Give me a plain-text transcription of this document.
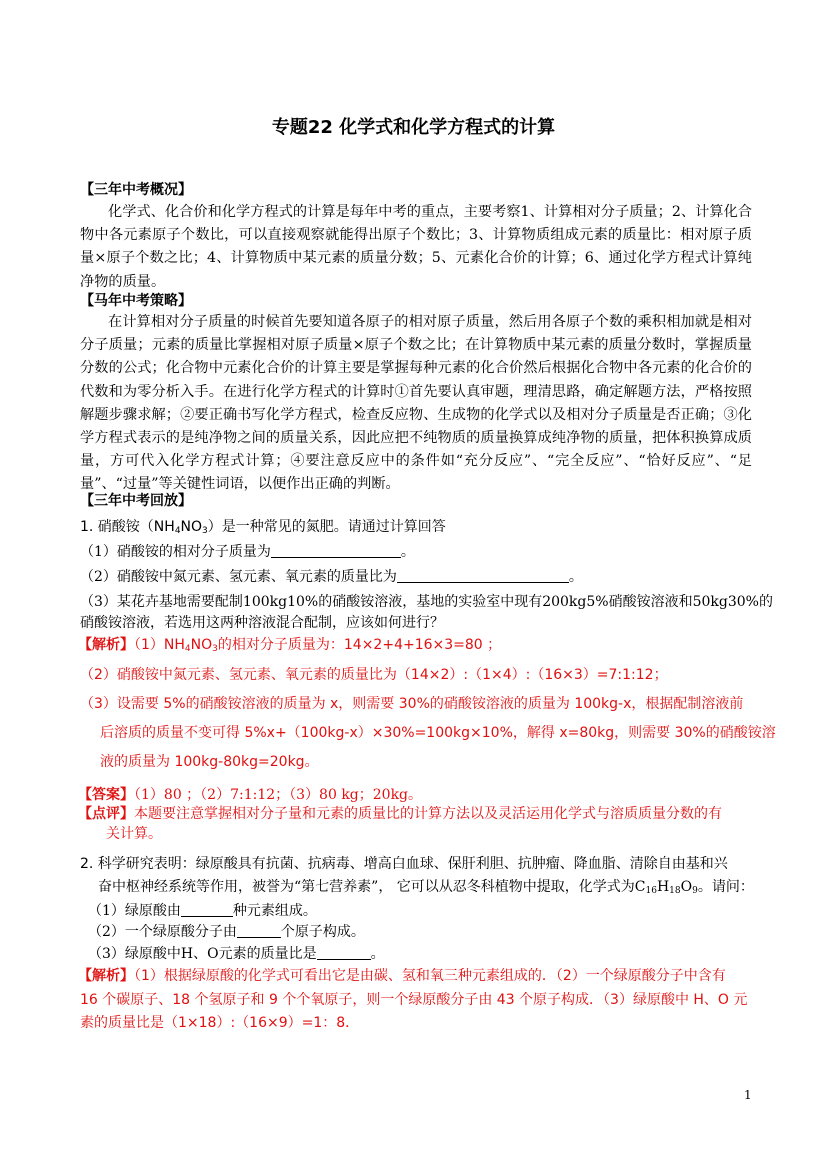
专题22 化学式和化学方程式的计算
【三年中考概况】
化学式、化合价和化学方程式的计算是每年中考的重点，主要考察1、计算相对分子质量；2、计算化合物中各元素原子个数比，可以直接观察就能得出原子个数比；3、计算物质组成元素的质量比：相对原子质量×原子个数之比；4、计算物质中某元素的质量分数；5、元素化合价的计算；6、通过化学方程式计算纯净物的质量。
【马年中考策略】
在计算相对分子质量的时候首先要知道各原子的相对原子质量，然后用各原子个数的乘积相加就是相对分子质量；元素的质量比掌握相对原子质量×原子个数之比；在计算物质中某元素的质量分数时，掌握质量分数的公式；化合物中元素化合价的计算主要是掌握每种元素的化合价然后根据化合物中各元素的化合价的代数和为零分析入手。在进行化学方程式的计算时①首先要认真审题，理清思路，确定解题方法，严格按照解题步骤求解；②要正确书写化学方程式，检查反应物、生成物的化学式以及相对分子质量是否正确；③化学方程式表示的是纯净物之间的质量关系，因此应把不纯物质的质量换算成纯净物的质量，把体积换算成质量，方可代入化学方程式计算；④要注意反应中的条件如“充分反应”、“完全反应”、“恰好反应”、“足量”、“过量”等关键性词语，以便作出正确的判断。
【三年中考回放】
1. 硝酸铵$(NH_4NO_3)$是一种常见的氮肥。请通过计算回答
（1）硝酸铵的相对分子质量为	。
（2）硝酸铵中氮元素、氢元素、氧元素的质量比为	。
（3）某花卉基地需要配制100kg10%的硝酸铵溶液，基地的实验室中现有200kg5%硝酸铵溶液和50kg30%的
硝酸铵溶液，若选用这两种溶液混合配制，应该如何进行？
【解析】$(1)NH_4NO_3$的相对分子质量为：14×2+4+16×3=80 ；
（2）硝酸铵中氮元素、氢元素、氧元素的质量比为（14×2）:（1×4）:（16×3）=7:1:12；
（3）设需要 5%的硝酸铵溶液的质量为 x，则需要 30%的硝酸铵溶液的质量为 100kg-x，根据配制溶液前
后溶质的质量不变可得 5%x+（100kg-x）×30%=100kg×10%，解得 x=80kg，则需要 30%的硝酸铵溶
液的质量为 100kg-80kg=20kg。
【答案】（1）80 ；（2）7:1:12；（3）80 kg；20kg。
【点评】本题要注意掌握相对分子量和元素的质量比的计算方法以及灵活运用化学式与溶质质量分数的有
关计算。
2. 科学研究表明：绿原酸具有抗菌、抗病毒、增高白血球、保肝利胆、抗肿瘤、降血脂、清除自由基和兴
奋中枢神经系统等作用，被誉为“第七营养素”， 它可以从忍冬科植物中提取，化学式为$C_{16}H_{18}O_9$。请问：
（1）绿原酸由	种元素组成。
（2）一个绿原酸分子由	个原子构成。
（3）绿原酸中H、O元素的质量比是	。
【解析】（1）根据绿原酸的化学式可看出它是由碳、氢和氧三种元素组成的．（2）一个绿原酸分子中含有
16 个碳原子、18 个氢原子和 9 个个氧原子，则一个绿原酸分子由 43 个原子构成．（3）绿原酸中 H、O 元
素的质量比是（1×18）:（16×9）=1：8．
1
